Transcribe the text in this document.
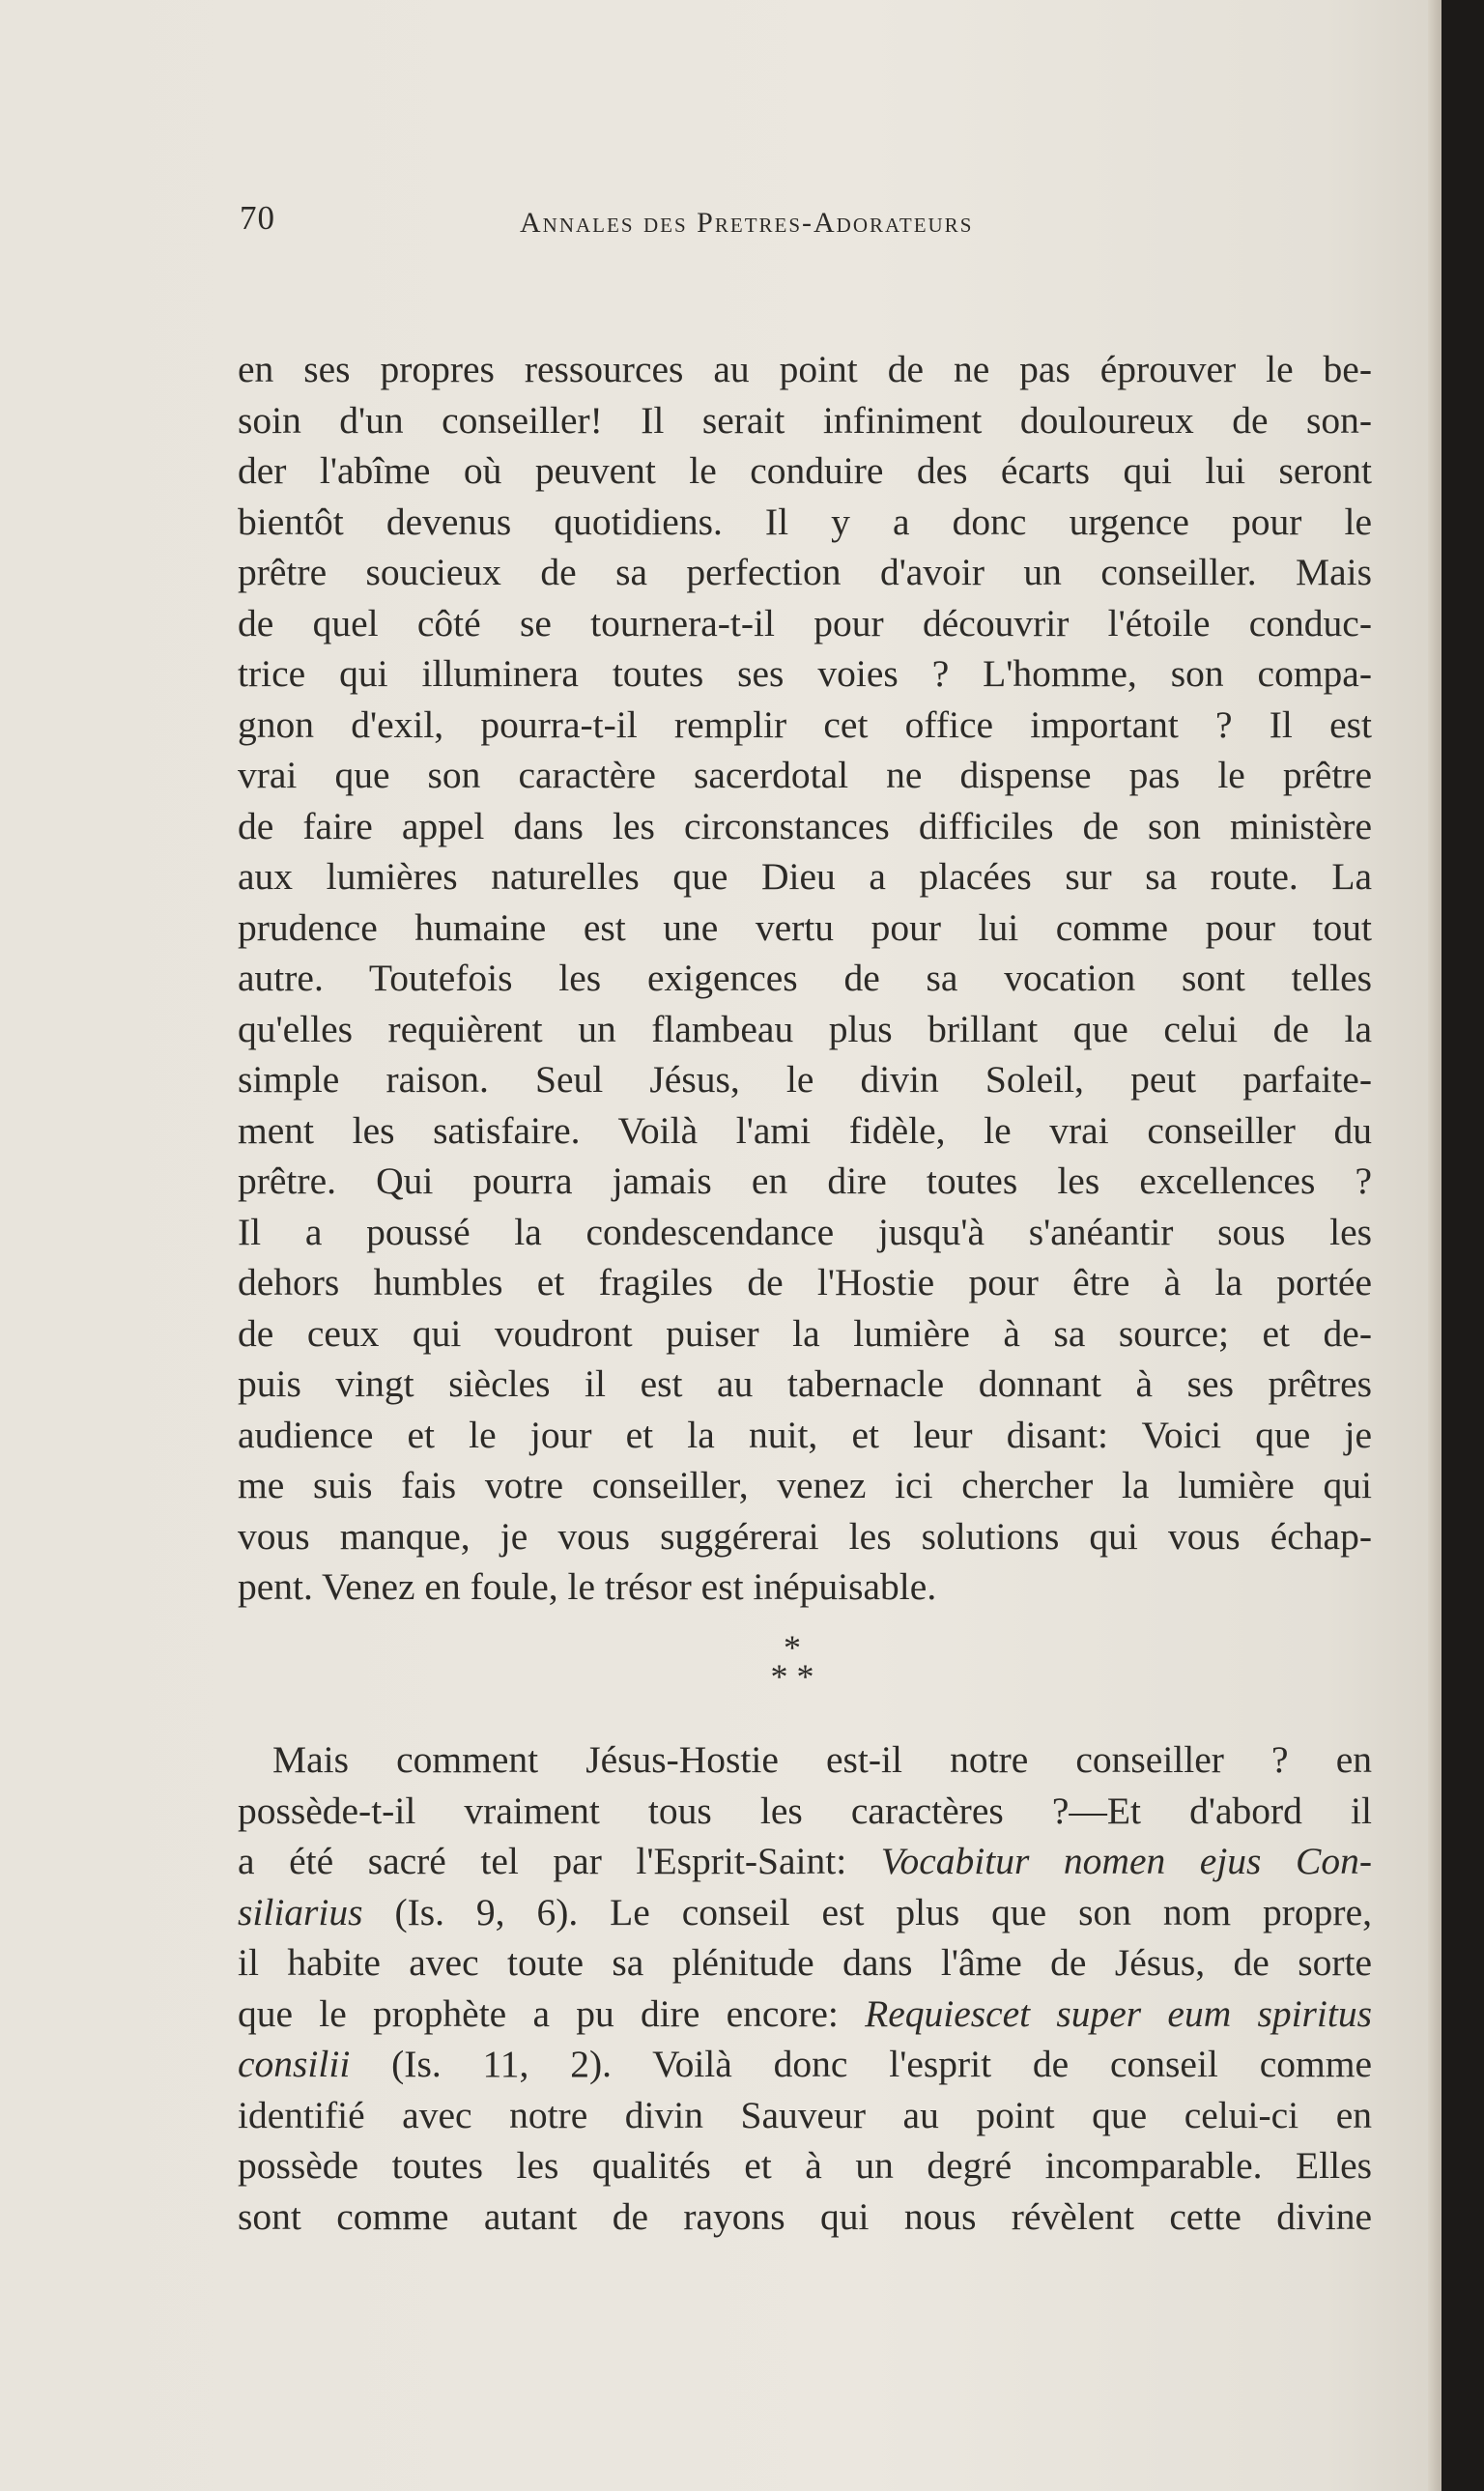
70	Annales des Pretres-Adorateurs
en ses propres ressources au point de ne pas éprouver le be-
soin d'un conseiller! Il serait infiniment douloureux de son-
der l'abîme où peuvent le conduire des écarts qui lui seront
bientôt devenus quotidiens. Il y a donc urgence pour le
prêtre soucieux de sa perfection d'avoir un conseiller. Mais
de quel côté se tournera-t-il pour découvrir l'étoile conduc-
trice qui illuminera toutes ses voies ? L'homme, son compa-
gnon d'exil, pourra-t-il remplir cet office important ? Il est
vrai que son caractère sacerdotal ne dispense pas le prêtre
de faire appel dans les circonstances difficiles de son ministère
aux lumières naturelles que Dieu a placées sur sa route. La
prudence humaine est une vertu pour lui comme pour tout
autre. Toutefois les exigences de sa vocation sont telles
qu'elles requièrent un flambeau plus brillant que celui de la
simple raison. Seul Jésus, le divin Soleil, peut parfaite-
ment les satisfaire. Voilà l'ami fidèle, le vrai conseiller du
prêtre. Qui pourra jamais en dire toutes les excellences ?
Il a poussé la condescendance jusqu'à s'anéantir sous les
dehors humbles et fragiles de l'Hostie pour être à la portée
de ceux qui voudront puiser la lumière à sa source; et de-
puis vingt siècles il est au tabernacle donnant à ses prêtres
audience et le jour et la nuit, et leur disant: Voici que je
me suis fais votre conseiller, venez ici chercher la lumière qui
vous manque, je vous suggérerai les solutions qui vous échap-
pent. Venez en foule, le trésor est inépuisable.
*
* *
Mais comment Jésus-Hostie est-il notre conseiller ? en
possède-t-il vraiment tous les caractères ?—Et d'abord il
a été sacré tel par l'Esprit-Saint: Vocabitur nomen ejus Con-
siliarius (Is. 9, 6). Le conseil est plus que son nom propre,
il habite avec toute sa plénitude dans l'âme de Jésus, de sorte
que le prophète a pu dire encore: Requiescet super eum spiritus
consilii (Is. 11, 2). Voilà donc l'esprit de conseil comme
identifié avec notre divin Sauveur au point que celui-ci en
possède toutes les qualités et à un degré incomparable. Elles
sont comme autant de rayons qui nous révèlent cette divine
